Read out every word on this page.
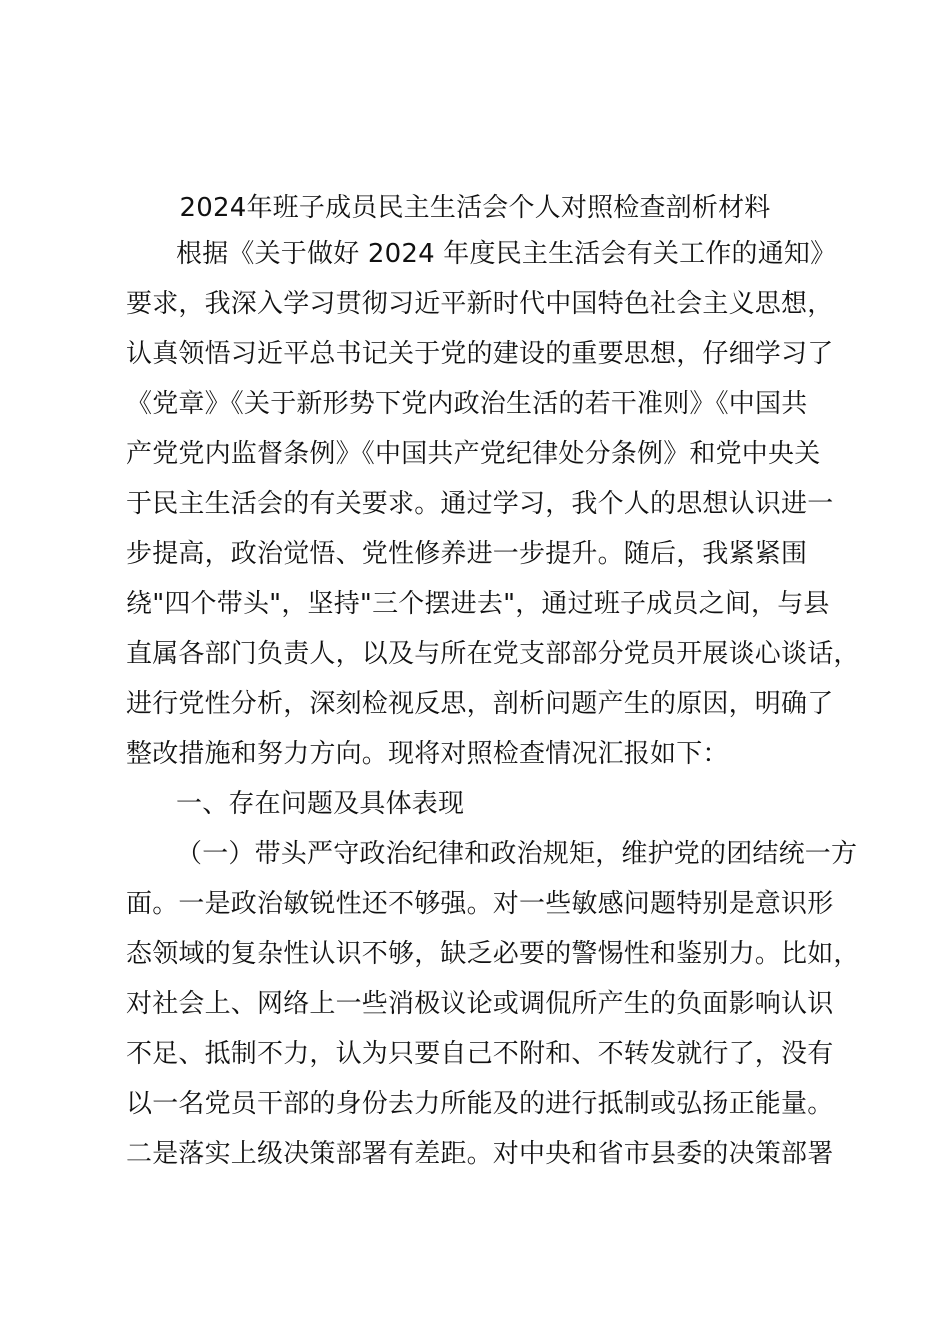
2024年班子成员民主生活会个人对照检查剖析材料
根据《关于做好 2024 年度民主生活会有关工作的通知》
要求，我深入学习贯彻习近平新时代中国特色社会主义思想，
认真领悟习近平总书记关于党的建设的重要思想，仔细学习了
《党章》《关于新形势下党内政治生活的若干准则》《中国共
产党党内监督条例》《中国共产党纪律处分条例》和党中央关
于民主生活会的有关要求。通过学习，我个人的思想认识进一
步提高，政治觉悟、党性修养进一步提升。随后，我紧紧围
绕"四个带头"，坚持"三个摆进去"，通过班子成员之间，与县
直属各部门负责人，以及与所在党支部部分党员开展谈心谈话，
进行党性分析，深刻检视反思，剖析问题产生的原因，明确了
整改措施和努力方向。现将对照检查情况汇报如下：
一、存在问题及具体表现
（一）带头严守政治纪律和政治规矩，维护党的团结统一方
面。一是政治敏锐性还不够强。对一些敏感问题特别是意识形
态领域的复杂性认识不够，缺乏必要的警惕性和鉴别力。比如，
对社会上、网络上一些消极议论或调侃所产生的负面影响认识
不足、抵制不力，认为只要自己不附和、不转发就行了，没有
以一名党员干部的身份去力所能及的进行抵制或弘扬正能量。
二是落实上级决策部署有差距。对中央和省市县委的决策部署
